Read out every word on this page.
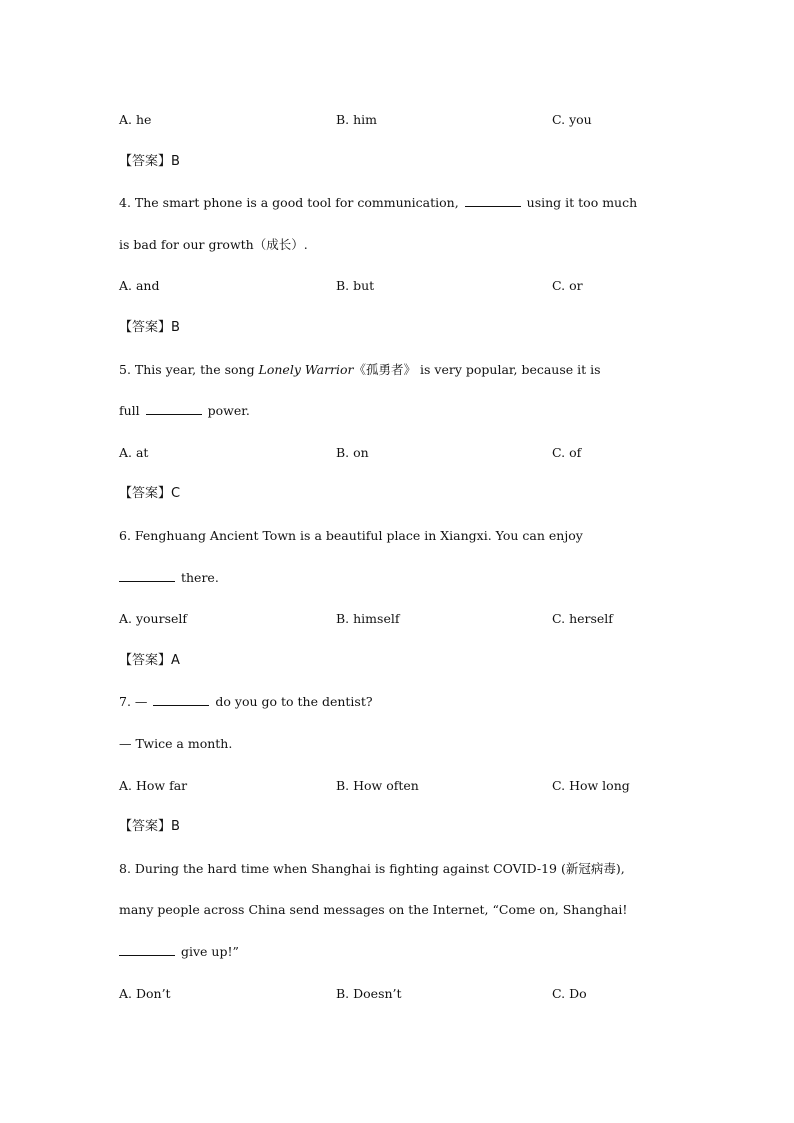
A. he	B. him	C. you
【答案】B
4. The smart phone is a good tool for communication,	using it too much
is bad for our growth（成长）.
A. and	B. but	C. or
【答案】B
5. This year, the song Lonely Warrior《孤勇者》 is very popular, because it is
full	power.
A. at	B. on	C. of
【答案】C
6. Fenghuang Ancient Town is a beautiful place in Xiangxi. You can enjoy
there.
A. yourself	B. himself	C. herself
【答案】A
7. —	do you go to the dentist?
— Twice a month.
A. How far	B. How often	C. How long
【答案】B
8. During the hard time when Shanghai is fighting against COVID-19 (新冠病毒),
many people across China send messages on the Internet, “Come on, Shanghai!
give up!”
A. Don’t	B. Doesn’t	C. Do
